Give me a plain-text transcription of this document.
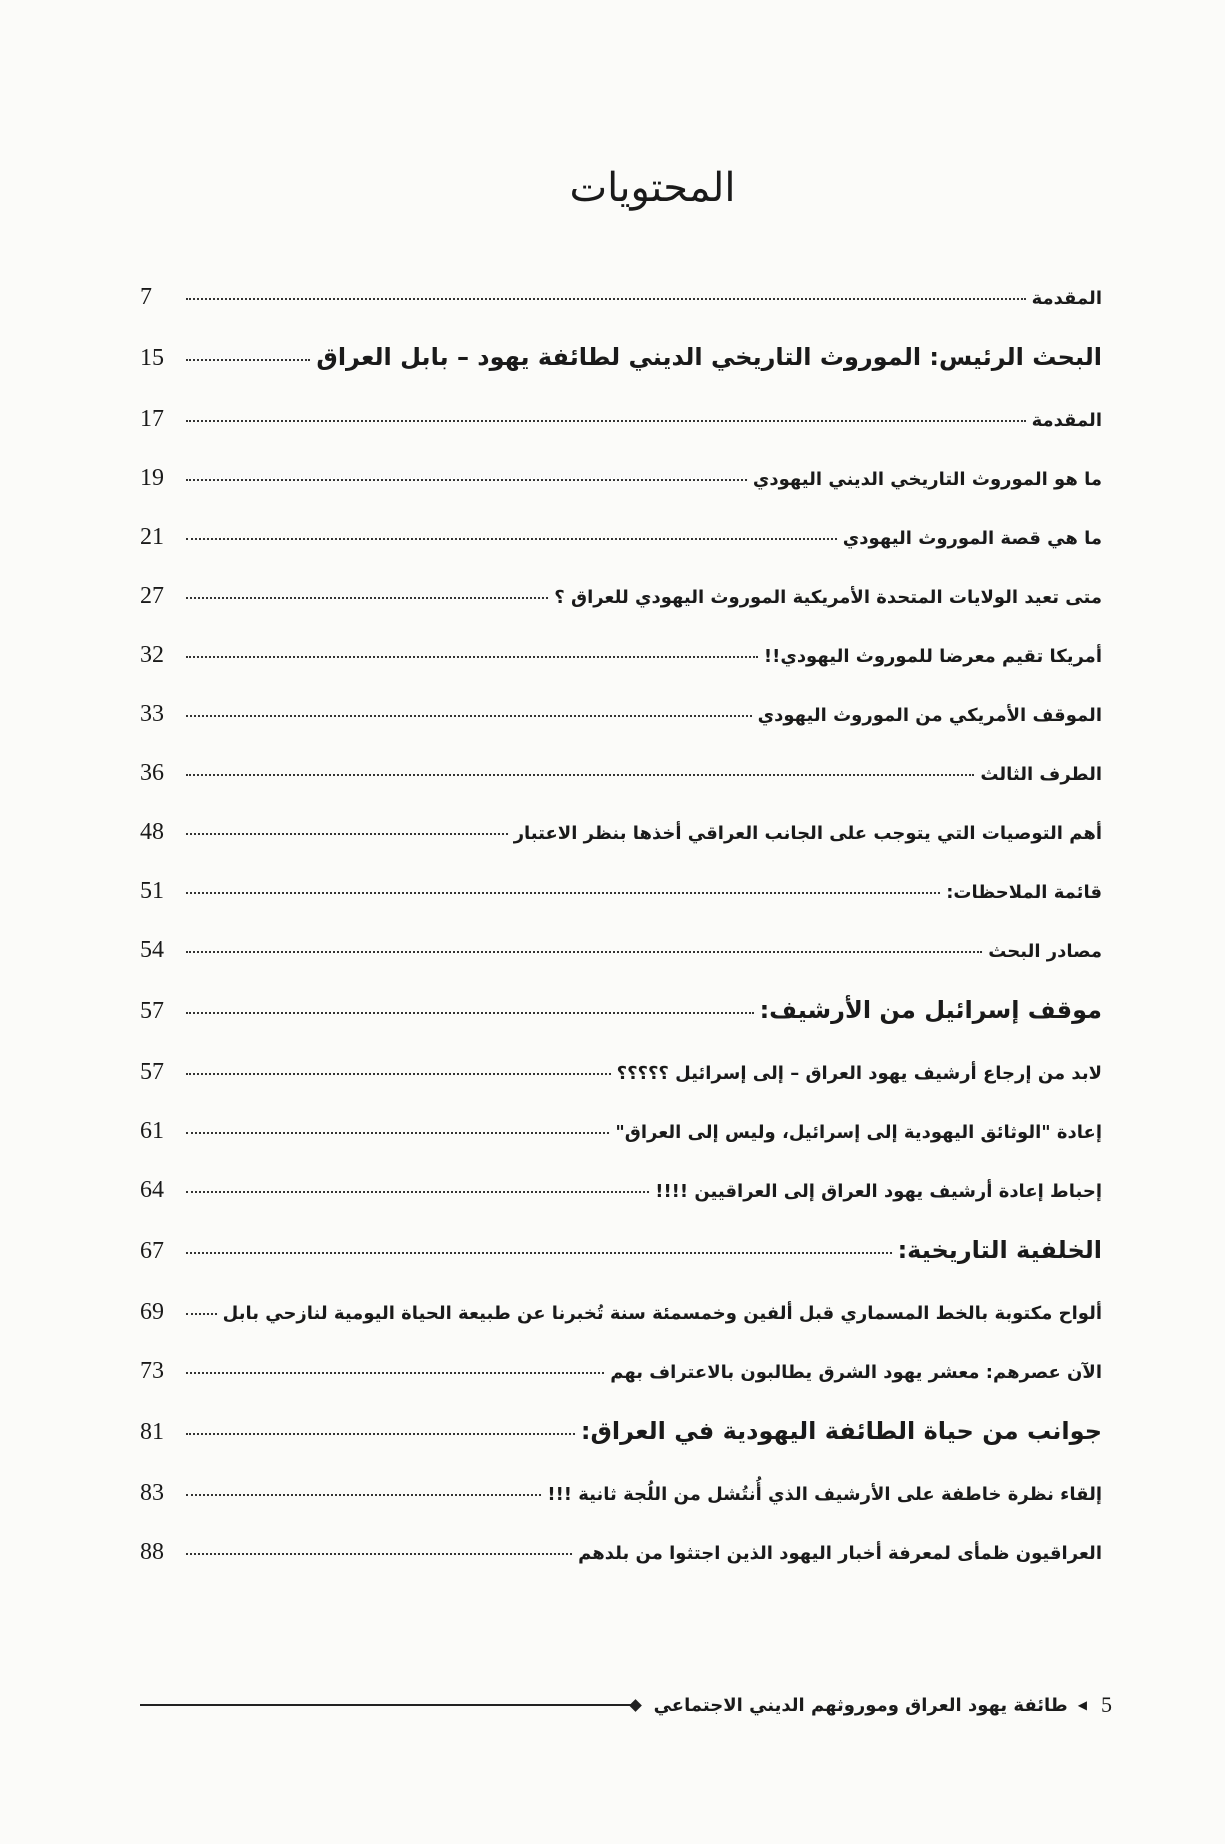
المحتويات
المقدمة
7
البحث الرئيس: الموروث التاريخي الديني لطائفة يهود – بابل العراق
15
المقدمة
17
ما هو الموروث التاريخي الديني اليهودي
19
ما هي قصة الموروث اليهودي
21
متى تعيد الولايات المتحدة الأمريكية الموروث اليهودي للعراق ؟
27
أمريكا تقيم معرضا للموروث اليهودي!!
32
الموقف الأمريكي من الموروث اليهودي
33
الطرف الثالث
36
أهم التوصيات التي يتوجب على الجانب العراقي أخذها بنظر الاعتبار
48
قائمة الملاحظات:
51
مصادر البحث
54
موقف إسرائيل من الأرشيف:
57
لابد من إرجاع أرشيف يهود العراق – إلى إسرائيل ؟؟؟؟؟
57
إعادة "الوثائق اليهودية إلى إسرائيل، وليس إلى العراق"
61
إحباط إعادة أرشيف يهود العراق إلى العراقيين !!!!
64
الخلفية التاريخية:
67
ألواح مكتوبة بالخط المسماري قبل ألفين وخمسمئة سنة تُخبرنا عن طبيعة الحياة اليومية لنازحي بابل
69
الآن عصرهم: معشر يهود الشرق يطالبون بالاعتراف بهم
73
جوانب من حياة الطائفة اليهودية في العراق:
81
إلقاء نظرة خاطفة على الأرشيف الذي أُنتُشل من اللُجة ثانية !!!
83
العراقيون ظمأى لمعرفة أخبار اليهود الذين اجتثوا من بلدهم
88
5
◀
طائفة يهود العراق وموروثهم الديني الاجتماعي
